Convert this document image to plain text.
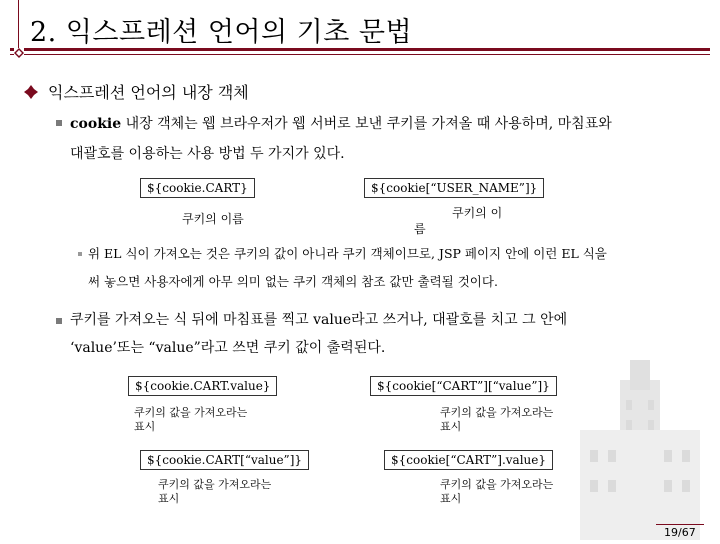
2. 익스프레션 언어의 기초 문법
익스프레션 언어의 내장 객체
cookie 내장 객체는 웹 브라우저가 웹 서버로 보낸 쿠키를 가져올 때 사용하며, 마침표와
대괄호를 이용하는 사용 방법 두 가지가 있다.
${cookie.CART}
쿠키의 이름
${cookie[“USER_NAME”]}
쿠키의 이
름
위 EL 식이 가져오는 것은 쿠키의 값이 아니라 쿠키 객체이므로, JSP 페이지 안에 이런 EL 식을
써 놓으면 사용자에게 아무 의미 없는 쿠키 객체의 참조 값만 출력될 것이다.
쿠키를 가져오는 식 뒤에 마침표를 찍고 value라고 쓰거나, 대괄호를 치고 그 안에
‘value’또는 “value”라고 쓰면 쿠키 값이 출력된다.
${cookie.CART.value}
쿠키의 값을 가져오라는
표시
${cookie[“CART”][“value”]}
쿠키의 값을 가져오라는
표시
${cookie.CART[“value”]}
쿠키의 값을 가져오라는
표시
${cookie[“CART”].value}
쿠키의 값을 가져오라는
표시
19/67
